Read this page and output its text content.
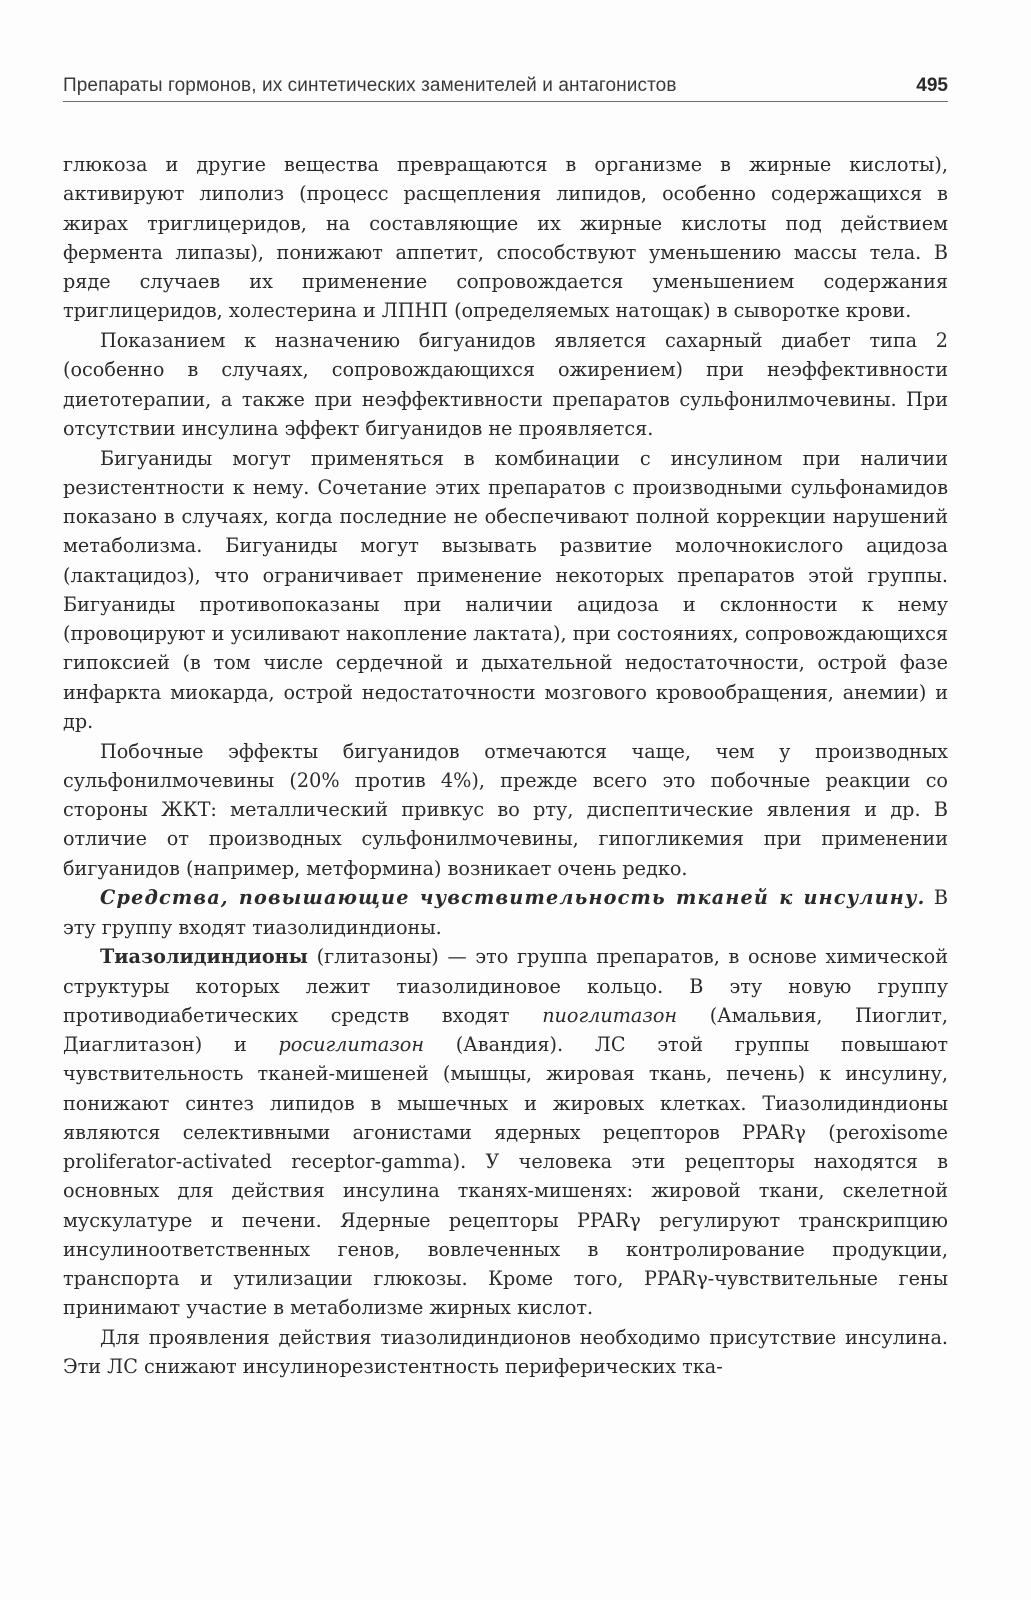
Препараты гормонов, их синтетических заменителей и антагонистов	495

глюкоза и другие вещества превращаются в организме в жирные кислоты), активируют липолиз (процесс расщепления липидов, особенно содержащихся в жирах триглицеридов, на составляющие их жирные кислоты под действием фермента липазы), понижают аппетит, способствуют уменьшению массы тела. В ряде случаев их применение сопровождается уменьшением содержания триглицеридов, холестерина и ЛПНП (определяемых натощак) в сыворотке крови.

Показанием к назначению бигуанидов является сахарный диабет типа 2 (особенно в случаях, сопровождающихся ожирением) при неэффективности диетотерапии, а также при неэффективности препаратов сульфонилмочевины. При отсутствии инсулина эффект бигуанидов не проявляется.

Бигуаниды могут применяться в комбинации с инсулином при наличии резистентности к нему. Сочетание этих препаратов с производными сульфонамидов показано в случаях, когда последние не обеспечивают полной коррекции нарушений метаболизма. Бигуаниды могут вызывать развитие молочнокислого ацидоза (лактацидоз), что ограничивает применение некоторых препаратов этой группы. Бигуаниды противопоказаны при наличии ацидоза и склонности к нему (провоцируют и усиливают накопление лактата), при состояниях, сопровождающихся гипоксией (в том числе сердечной и дыхательной недостаточности, острой фазе инфаркта миокарда, острой недостаточности мозгового кровообращения, анемии) и др.

Побочные эффекты бигуанидов отмечаются чаще, чем у производных сульфонилмочевины (20% против 4%), прежде всего это побочные реакции со стороны ЖКТ: металлический привкус во рту, диспептические явления и др. В отличие от производных сульфонилмочевины, гипогликемия при применении бигуанидов (например, метформина) возникает очень редко.

Средства, повышающие чувствительность тканей к инсулину. В эту группу входят тиазолидиндионы.

Тиазолидиндионы (глитазоны) — это группа препаратов, в основе химической структуры которых лежит тиазолидиновое кольцо. В эту новую группу противодиабетических средств входят пиоглитазон (Амальвия, Пиоглит, Диаглитазон) и росиглитазон (Авандия). ЛС этой группы повышают чувствительность тканей-мишеней (мышцы, жировая ткань, печень) к инсулину, понижают синтез липидов в мышечных и жировых клетках. Тиазолидиндионы являются селективными агонистами ядерных рецепторов PPARγ (peroxisome proliferator-activated receptor-gamma). У человека эти рецепторы находятся в основных для действия инсулина тканях-мишенях: жировой ткани, скелетной мускулатуре и печени. Ядерные рецепторы PPARγ регулируют транскрипцию инсулиноответственных генов, вовлеченных в контролирование продукции, транспорта и утилизации глюкозы. Кроме того, PPARγ-чувствительные гены принимают участие в метаболизме жирных кислот.

Для проявления действия тиазолидиндионов необходимо присутствие инсулина. Эти ЛС снижают инсулинорезистентность периферических тка-
